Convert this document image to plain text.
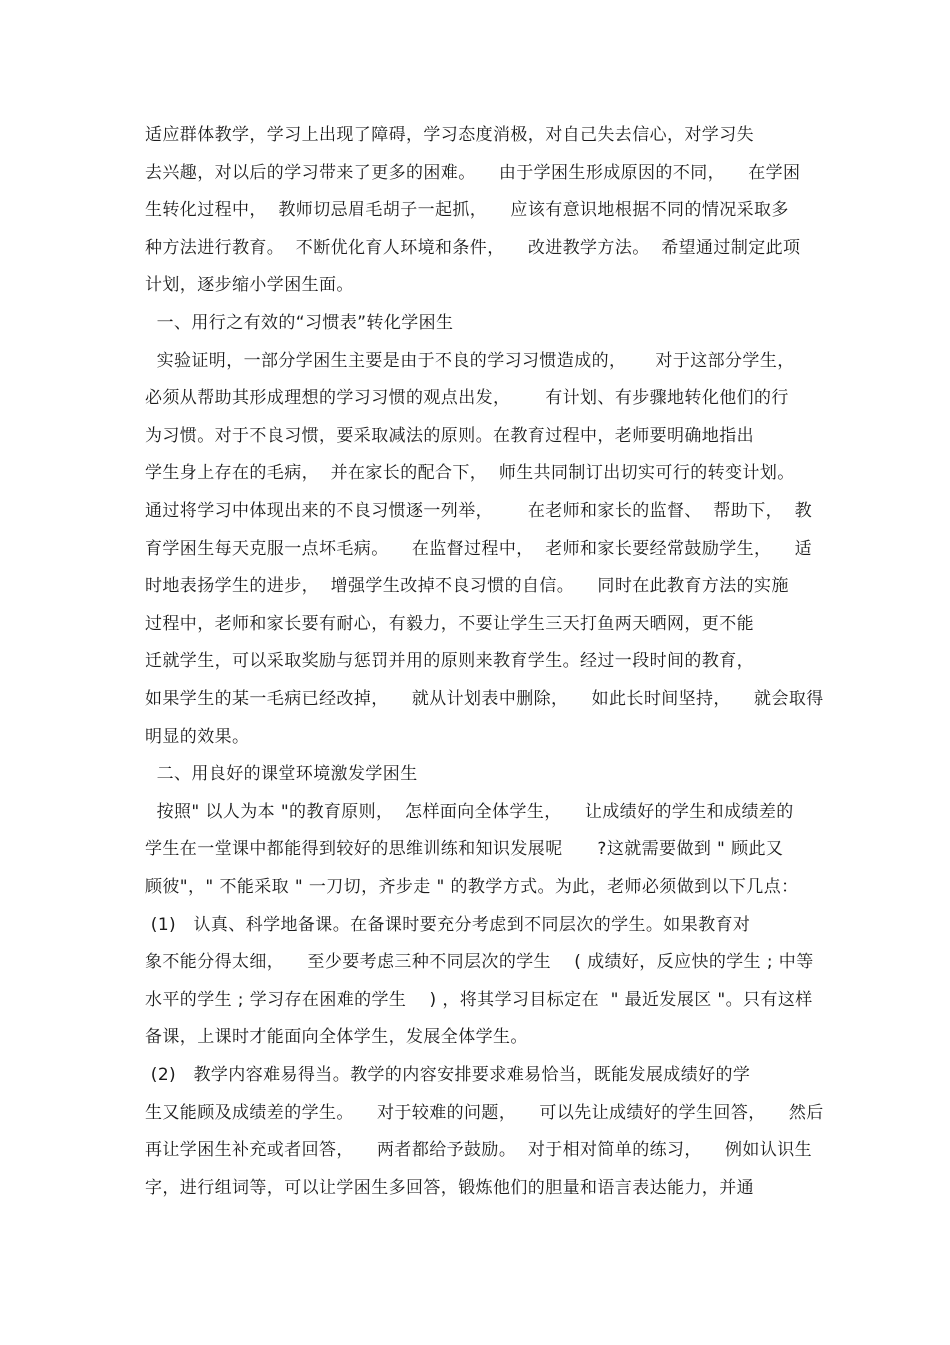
适应群体教学，学习上出现了障碍，学习态度消极，对自己失去信心，对学习失
去兴趣，对以后的学习带来了更多的困难。    由于学困生形成原因的不同，    在学困
生转化过程中，  教师切忌眉毛胡子一起抓，    应该有意识地根据不同的情况采取多
种方法进行教育。  不断优化育人环境和条件，    改进教学方法。  希望通过制定此项
计划，逐步缩小学困生面。
一、用行之有效的“习惯表”转化学困生
实验证明，一部分学困生主要是由于不良的学习习惯造成的，     对于这部分学生，
必须从帮助其形成理想的学习习惯的观点出发，      有计划、有步骤地转化他们的行
为习惯。对于不良习惯，要采取减法的原则。在教育过程中，老师要明确地指出
学生身上存在的毛病，  并在家长的配合下，  师生共同制订出切实可行的转变计划。
通过将学习中体现出来的不良习惯逐一列举，      在老师和家长的监督、  帮助下，  教
育学困生每天克服一点坏毛病。    在监督过程中，  老师和家长要经常鼓励学生，    适
时地表扬学生的进步，  增强学生改掉不良习惯的自信。    同时在此教育方法的实施
过程中，老师和家长要有耐心，有毅力，不要让学生三天打鱼两天晒网，更不能
迁就学生，可以采取奖励与惩罚并用的原则来教育学生。经过一段时间的教育，
如果学生的某一毛病已经改掉，    就从计划表中删除，    如此长时间坚持，    就会取得
明显的效果。
二、用良好的课堂环境激发学困生
按照" 以人为本 "的教育原则，  怎样面向全体学生，    让成绩好的学生和成绩差的
学生在一堂课中都能得到较好的思维训练和知识发展呢      ?这就需要做到 " 顾此又
顾彼"，" 不能采取 " 一刀切，齐步走 " 的教学方式。为此，老师必须做到以下几点：
(1)   认真、科学地备课。在备课时要充分考虑到不同层次的学生。如果教育对
象不能分得太细，    至少要考虑三种不同层次的学生    ( 成绩好，反应快的学生 ; 中等
水平的学生 ; 学习存在困难的学生    ) ，将其学习目标定在  " 最近发展区 "。只有这样
备课，上课时才能面向全体学生，发展全体学生。
(2)   教学内容难易得当。教学的内容安排要求难易恰当，既能发展成绩好的学
生又能顾及成绩差的学生。    对于较难的问题，    可以先让成绩好的学生回答，    然后
再让学困生补充或者回答，    两者都给予鼓励。  对于相对简单的练习，    例如认识生
字，进行组词等，可以让学困生多回答，锻炼他们的胆量和语言表达能力，并通
